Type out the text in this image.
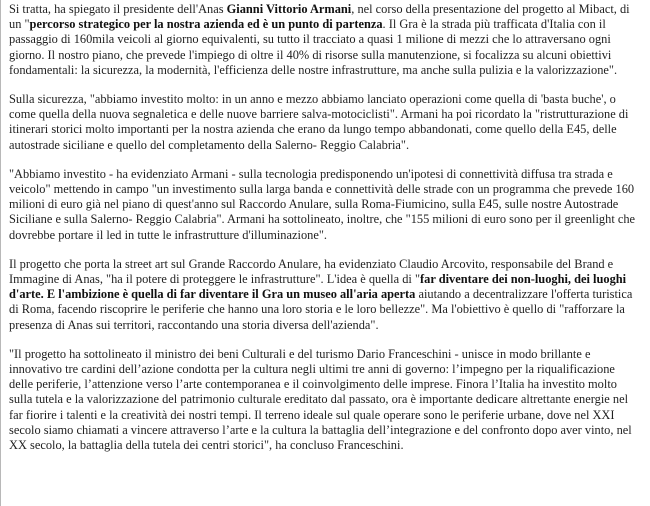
Si tratta, ha spiegato il presidente dell'Anas Gianni Vittorio Armani, nel corso della presentazione del progetto al Mibact, di un "percorso strategico per la nostra azienda ed è un punto di partenza. Il Gra è la strada più trafficata d'Italia con il passaggio di 160mila veicoli al giorno equivalenti, su tutto il tracciato a quasi 1 milione di mezzi che lo attraversano ogni giorno. Il nostro piano, che prevede l'impiego di oltre il 40% di risorse sulla manutenzione, si focalizza su alcuni obiettivi fondamentali: la sicurezza, la modernità, l'efficienza delle nostre infrastrutture, ma anche sulla pulizia e la valorizzazione".

Sulla sicurezza, "abbiamo investito molto: in un anno e mezzo abbiamo lanciato operazioni come quella di 'basta buche', o come quella della nuova segnaletica e delle nuove barriere salva-motociclisti". Armani ha poi ricordato la "ristrutturazione di itinerari storici molto importanti per la nostra azienda che erano da lungo tempo abbandonati, come quello della E45, delle autostrade siciliane e quello del completamento della Salerno- Reggio Calabria".

"Abbiamo investito - ha evidenziato Armani - sulla tecnologia predisponendo un'ipotesi di connettività diffusa tra strada e veicolo" mettendo in campo "un investimento sulla larga banda e connettività delle strade con un programma che prevede 160 milioni di euro già nel piano di quest'anno sul Raccordo Anulare, sulla Roma-Fiumicino, sulla E45, sulle nostre Autostrade Siciliane e sulla Salerno- Reggio Calabria". Armani ha sottolineato, inoltre, che "155 milioni di euro sono per il greenlight che dovrebbe portare il led in tutte le infrastrutture d'illuminazione".

Il progetto che porta la street art sul Grande Raccordo Anulare, ha evidenziato Claudio Arcovito, responsabile del Brand e Immagine di Anas, "ha il potere di proteggere le infrastrutture". L'idea è quella di "far diventare dei non-luoghi, dei luoghi d'arte. E l'ambizione è quella di far diventare il Gra un museo all'aria aperta aiutando a decentralizzare l'offerta turistica di Roma, facendo riscoprire le periferie che hanno una loro storia e le loro bellezze". Ma l'obiettivo è quello di "rafforzare la presenza di Anas sui territori, raccontando una storia diversa dell'azienda".

"Il progetto ha sottolineato il ministro dei beni Culturali e del turismo Dario Franceschini - unisce in modo brillante e innovativo tre cardini dell’azione condotta per la cultura negli ultimi tre anni di governo: l’impegno per la riqualificazione delle periferie, l’attenzione verso l’arte contemporanea e il coinvolgimento delle imprese. Finora l’Italia ha investito molto sulla tutela e la valorizzazione del patrimonio culturale ereditato dal passato, ora è importante dedicare altrettante energie nel far fiorire i talenti e la creatività dei nostri tempi. Il terreno ideale sul quale operare sono le periferie urbane, dove nel XXI secolo siamo chiamati a vincere attraverso l’arte e la cultura la battaglia dell’integrazione e del confronto dopo aver vinto, nel XX secolo, la battaglia della tutela dei centri storici", ha concluso Franceschini.
